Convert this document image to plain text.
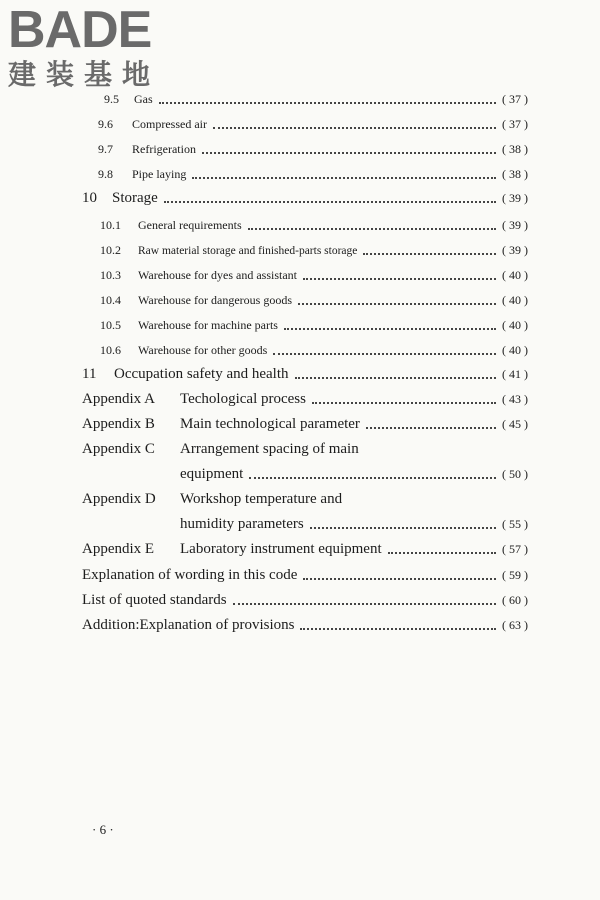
BADE
建装基地
9.5	Gas	( 37 )
9.6	Compressed air	( 37 )
9.7	Refrigeration	( 38 )
9.8	Pipe laying	( 38 )
10	Storage	( 39 )
10.1	General requirements	( 39 )
10.2	Raw material storage and finished-parts storage	( 39 )
10.3	Warehouse for dyes and assistant	( 40 )
10.4	Warehouse for dangerous goods	( 40 )
10.5	Warehouse for machine parts	( 40 )
10.6	Warehouse for other goods	( 40 )
11	Occupation safety and health	( 41 )
Appendix A	Techological process	( 43 )
Appendix B	Main technological parameter	( 45 )
Appendix C	Arrangement spacing of main
equipment	( 50 )
Appendix D	Workshop temperature and
humidity parameters	( 55 )
Appendix E	Laboratory instrument equipment	( 57 )
Explanation of wording in this code	( 59 )
List of quoted standards	( 60 )
Addition:Explanation of provisions	( 63 )
· 6 ·
